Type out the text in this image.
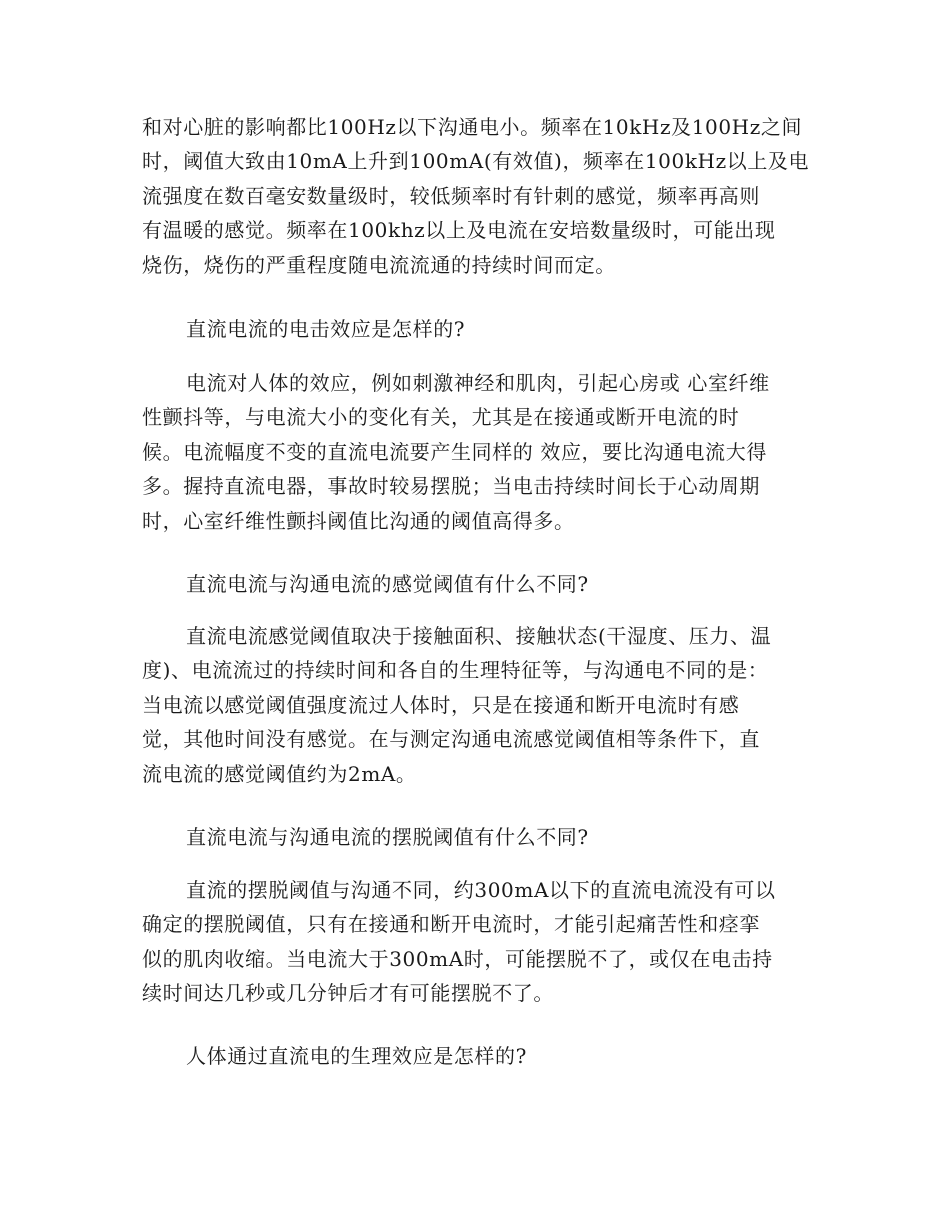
和对心脏的影响都比100Hz以下沟通电小。频率在10kHz及100Hz之间
时，阈值大致由10mA上升到100mA(有效值)，频率在100kHz以上及电
流强度在数百毫安数量级时，较低频率时有针刺的感觉，频率再高则
有温暖的感觉。频率在100khz以上及电流在安培数量级时，可能出现
烧伤，烧伤的严重程度随电流流通的持续时间而定。
直流电流的电击效应是怎样的?
电流对人体的效应，例如刺激神经和肌肉，引起心房或 心室纤维
性颤抖等，与电流大小的变化有关，尤其是在接通或断开电流的时
候。电流幅度不变的直流电流要产生同样的 效应，要比沟通电流大得
多。握持直流电器，事故时较易摆脱；当电击持续时间长于心动周期
时，心室纤维性颤抖阈值比沟通的阈值高得多。
直流电流与沟通电流的感觉阈值有什么不同?
直流电流感觉阈值取决于接触面积、接触状态(干湿度、压力、温
度)、电流流过的持续时间和各自的生理特征等，与沟通电不同的是：
当电流以感觉阈值强度流过人体时，只是在接通和断开电流时有感
觉，其他时间没有感觉。在与测定沟通电流感觉阈值相等条件下，直
流电流的感觉阈值约为2mA。
直流电流与沟通电流的摆脱阈值有什么不同?
直流的摆脱阈值与沟通不同，约300mA以下的直流电流没有可以
确定的摆脱阈值，只有在接通和断开电流时，才能引起痛苦性和痉挛
似的肌肉收缩。当电流大于300mA时，可能摆脱不了，或仅在电击持
续时间达几秒或几分钟后才有可能摆脱不了。
人体通过直流电的生理效应是怎样的?
